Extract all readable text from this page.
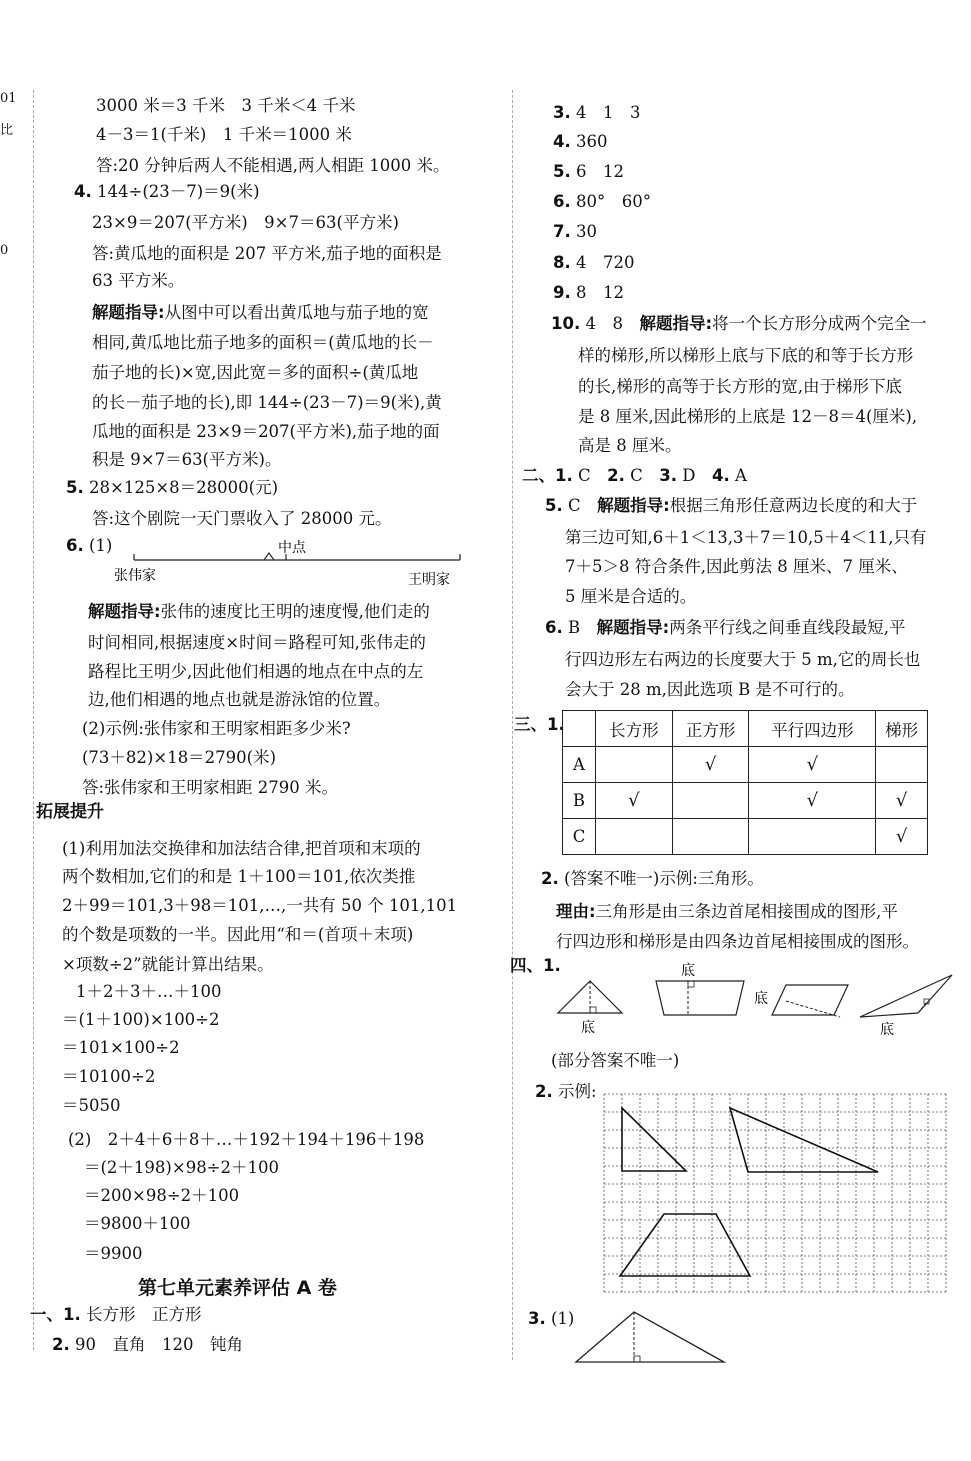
01
比
0
3000 米＝3 千米　3 千米＜4 千米
4－3＝1(千米)　1 千米＝1000 米
答:20 分钟后两人不能相遇,两人相距 1000 米。
4. 144÷(23－7)＝9(米)
23×9＝207(平方米)　9×7＝63(平方米)
答:黄瓜地的面积是 207 平方米,茄子地的面积是
63 平方米。
解题指导:从图中可以看出黄瓜地与茄子地的宽
相同,黄瓜地比茄子地多的面积＝(黄瓜地的长－
茄子地的长)×宽,因此宽＝多的面积÷(黄瓜地
的长－茄子地的长),即 144÷(23－7)＝9(米),黄
瓜地的面积是 23×9＝207(平方米),茄子地的面
积是 9×7＝63(平方米)。
5. 28×125×8＝28000(元)
答:这个剧院一天门票收入了 28000 元。
6. (1)	中点
张伟家	王明家
解题指导:张伟的速度比王明的速度慢,他们走的
时间相同,根据速度×时间＝路程可知,张伟走的
路程比王明少,因此他们相遇的地点在中点的左
边,他们相遇的地点也就是游泳馆的位置。
(2)示例:张伟家和王明家相距多少米?
(73＋82)×18＝2790(米)
答:张伟家和王明家相距 2790 米。
拓展提升
(1)利用加法交换律和加法结合律,把首项和末项的
两个数相加,它们的和是 1＋100＝101,依次类推
2＋99＝101,3＋98＝101,…,一共有 50 个 101,101
的个数是项数的一半。因此用“和＝(首项＋末项)
×项数÷2”就能计算出结果。
1＋2＋3＋…＋100
＝(1＋100)×100÷2
＝101×100÷2
＝10100÷2
＝5050
(2)　2＋4＋6＋8＋…＋192＋194＋196＋198
＝(2＋198)×98÷2＋100
＝200×98÷2＋100
＝9800＋100
＝9900
第七单元素养评估 A 卷
一、1. 长方形　正方形
2. 90　直角　120　钝角
3. 4　1　3
4. 360
5. 6　12
6. 80°　60°
7. 30
8. 4　720
9. 8　12
10. 4　8　解题指导:将一个长方形分成两个完全一
样的梯形,所以梯形上底与下底的和等于长方形
的长,梯形的高等于长方形的宽,由于梯形下底
是 8 厘米,因此梯形的上底是 12－8＝4(厘米),
高是 8 厘米。
二、1. C　2. C　3. D　4. A
5. C　解题指导:根据三角形任意两边长度的和大于
第三边可知,6＋1＜13,3＋7＝10,5＋4＜11,只有
7＋5＞8 符合条件,因此剪法 8 厘米、7 厘米、
5 厘米是合适的。
6. B　解题指导:两条平行线之间垂直线段最短,平
行四边形左右两边的长度要大于 5 m,它的周长也
会大于 28 m,因此选项 B 是不可行的。
三、1.
		长方形	正方形	平行四边形	梯形
A		√	√	
B	√		√	√
C				√
2. (答案不唯一)示例:三角形。
理由:三角形是由三条边首尾相接围成的图形,平
行四边形和梯形是由四条边首尾相接围成的图形。
四、1.
底
底
底
底
(部分答案不唯一)
2. 示例:
3. (1)
